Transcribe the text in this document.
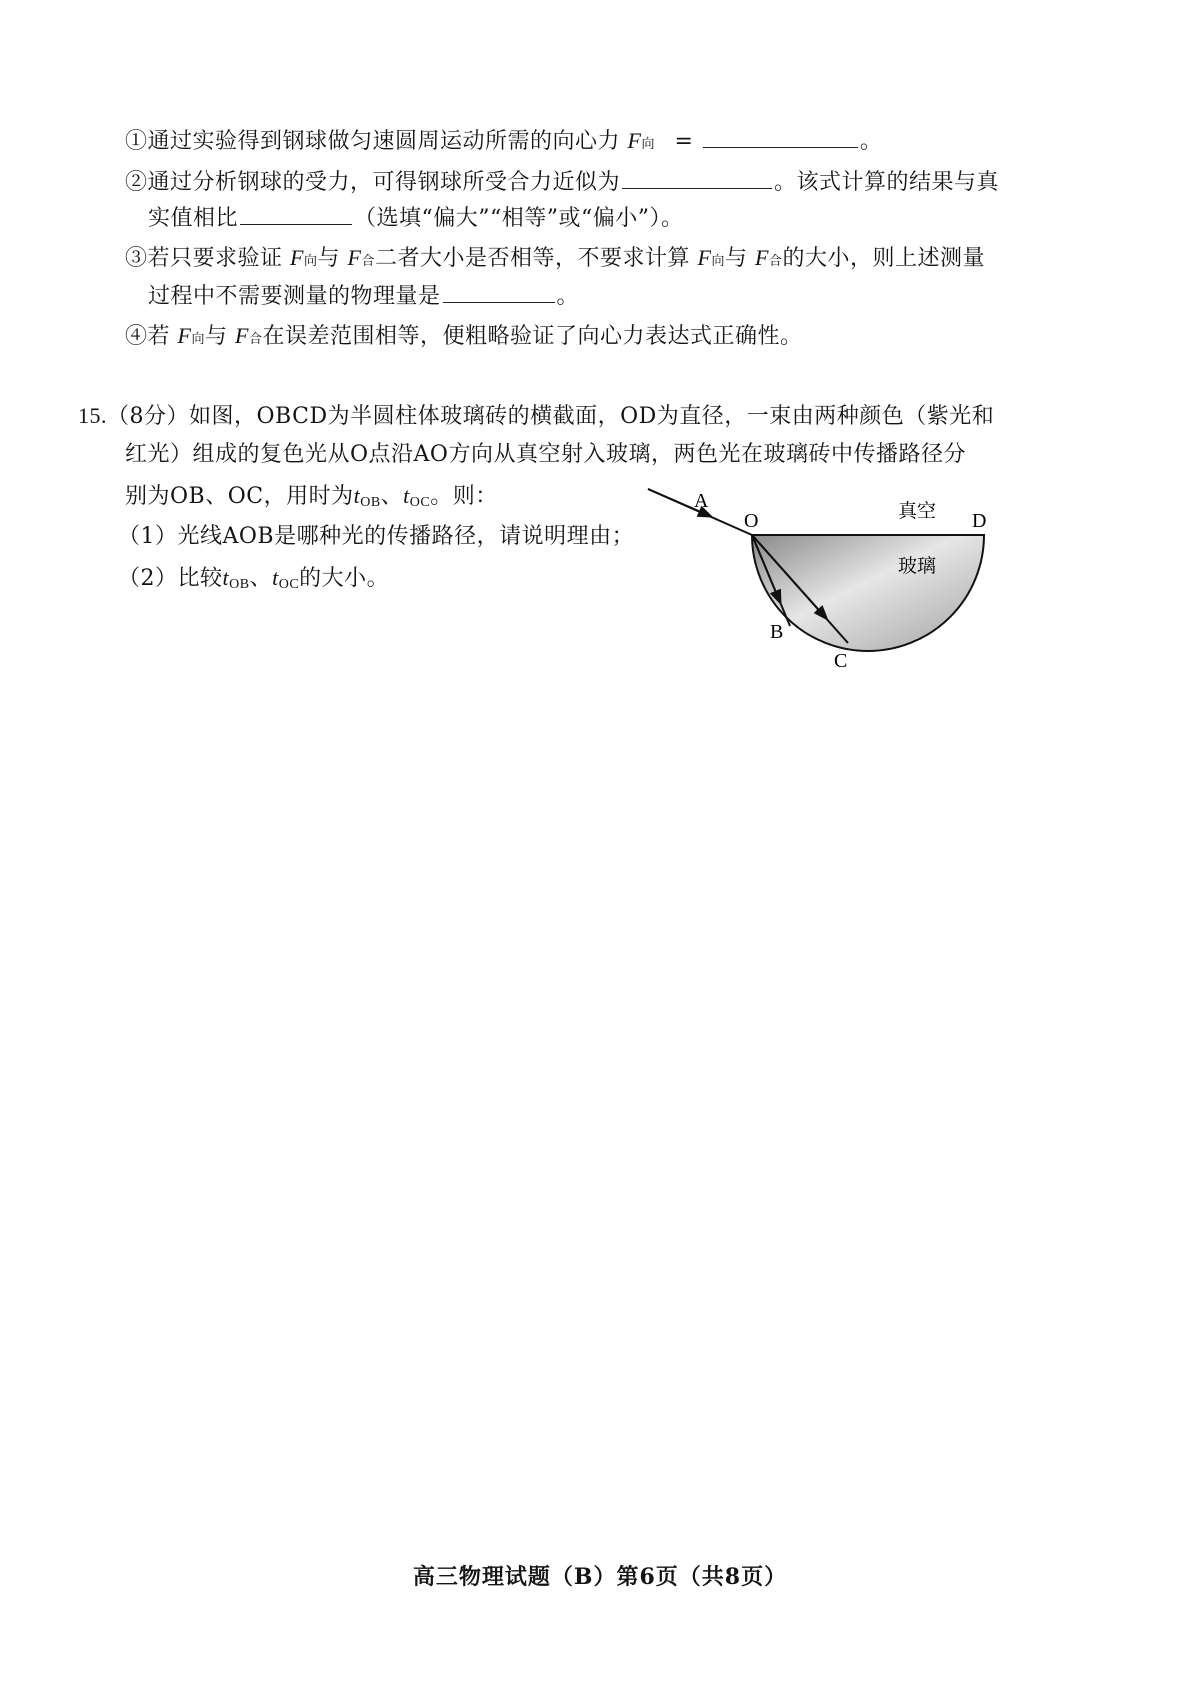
①通过实验得到钢球做匀速圆周运动所需的向心力 F向 =	。
②通过分析钢球的受力，可得钢球所受合力近似为	。该式计算的结果与真
实值相比	（选填“偏大”“相等”或“偏小”）。
③若只要求验证 F向与 F合二者大小是否相等，不要求计算 F向与 F合的大小，则上述测量
过程中不需要测量的物理量是	。
④若 F向与 F合在误差范围相等，便粗略验证了向心力表达式正确性。
15.（8分）如图，OBCD为半圆柱体玻璃砖的横截面，OD为直径，一束由两种颜色（紫光和
红光）组成的复色光从O点沿AO方向从真空射入玻璃，两色光在玻璃砖中传播路径分
别为OB、OC，用时为tOB、tOC。则：
（1）光线AOB是哪种光的传播路径，请说明理由；
（2）比较tOB、tOC的大小。
A
O	D
B
C
真空
玻璃
高三物理试题（B）第6页（共8页）
